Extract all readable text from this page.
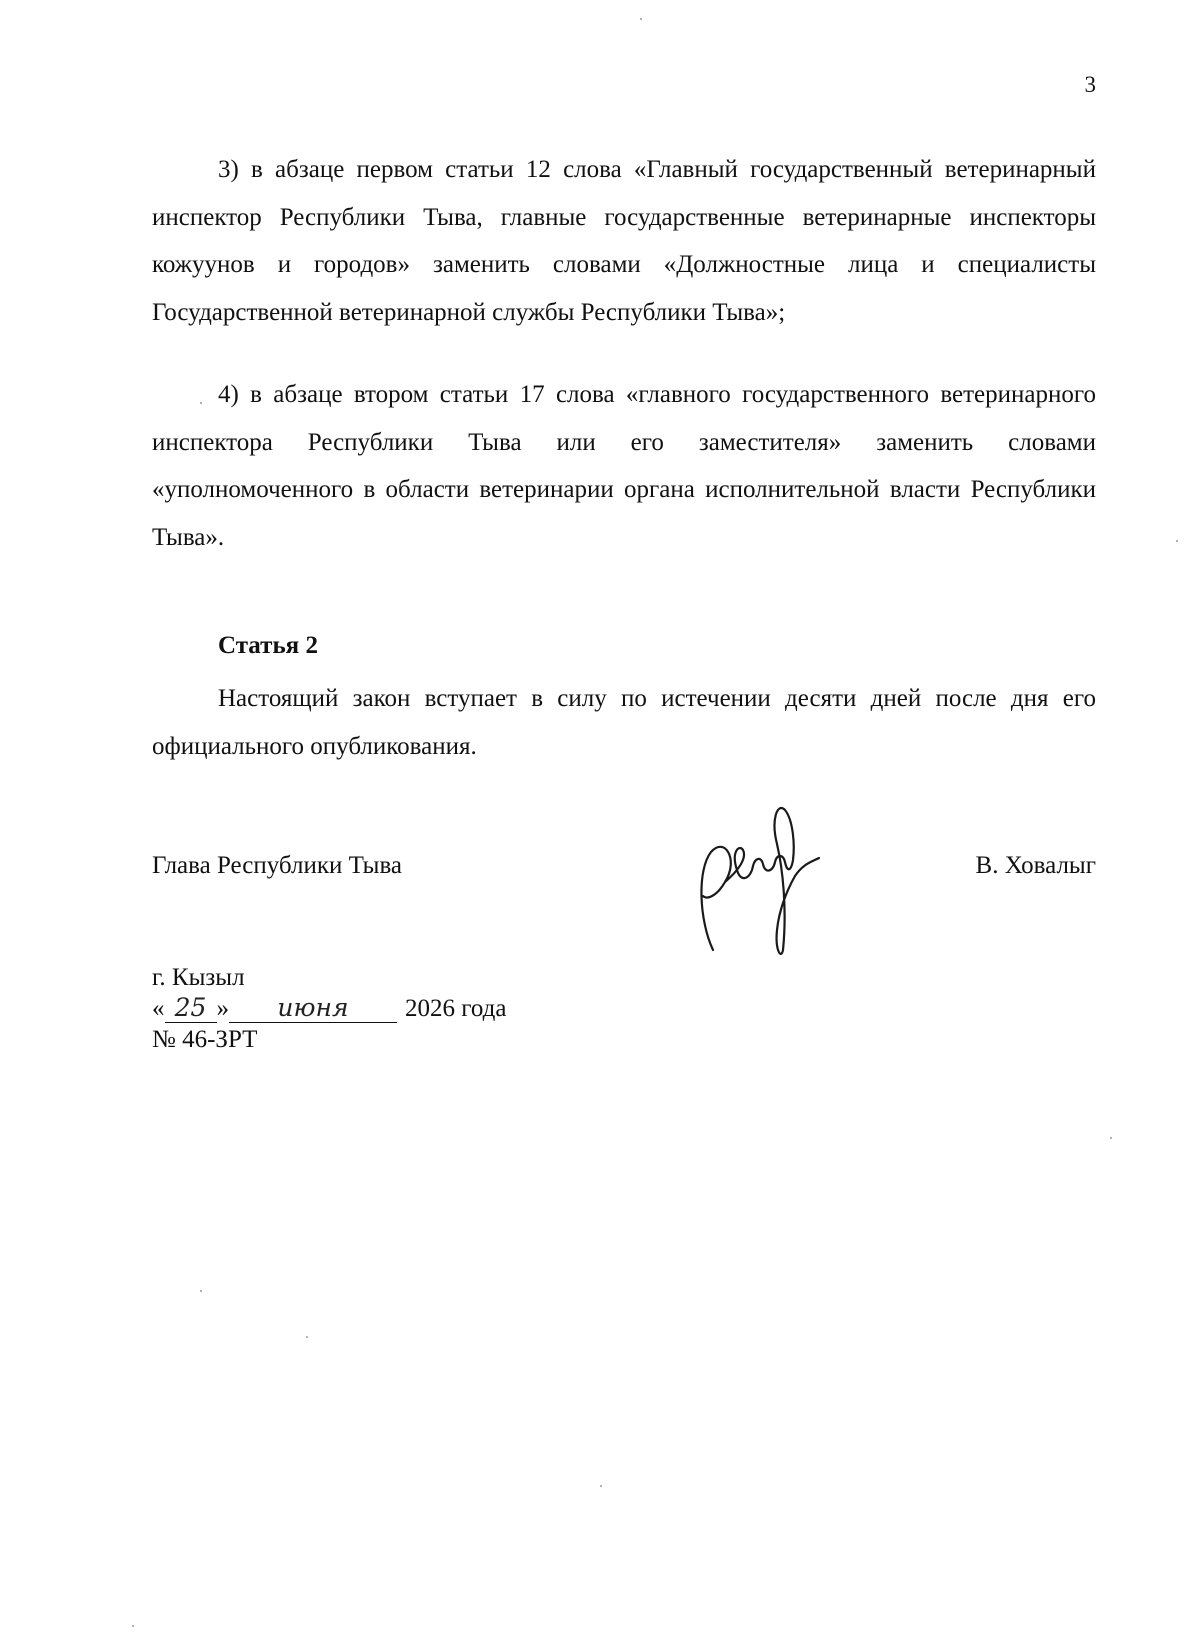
3

3) в абзаце первом статьи 12 слова «Главный государственный ветеринарный инспектор Республики Тыва, главные государственные ветеринарные инспекторы кожуунов и городов» заменить словами «Должностные лица и специалисты Государственной ветеринарной службы Республики Тыва»;

4) в абзаце втором статьи 17 слова «главного государственного ветеринарного инспектора Республики Тыва или его заместителя» заменить словами «уполномоченного в области ветеринарии органа исполнительной власти Республики Тыва».

Статья 2

Настоящий закон вступает в силу по истечении десяти дней после дня его официального опубликования.

Глава Республики Тыва	В. Ховалыг
г. Кызыл
« 25 » июня 2026 года
№ 46-ЗРТ
